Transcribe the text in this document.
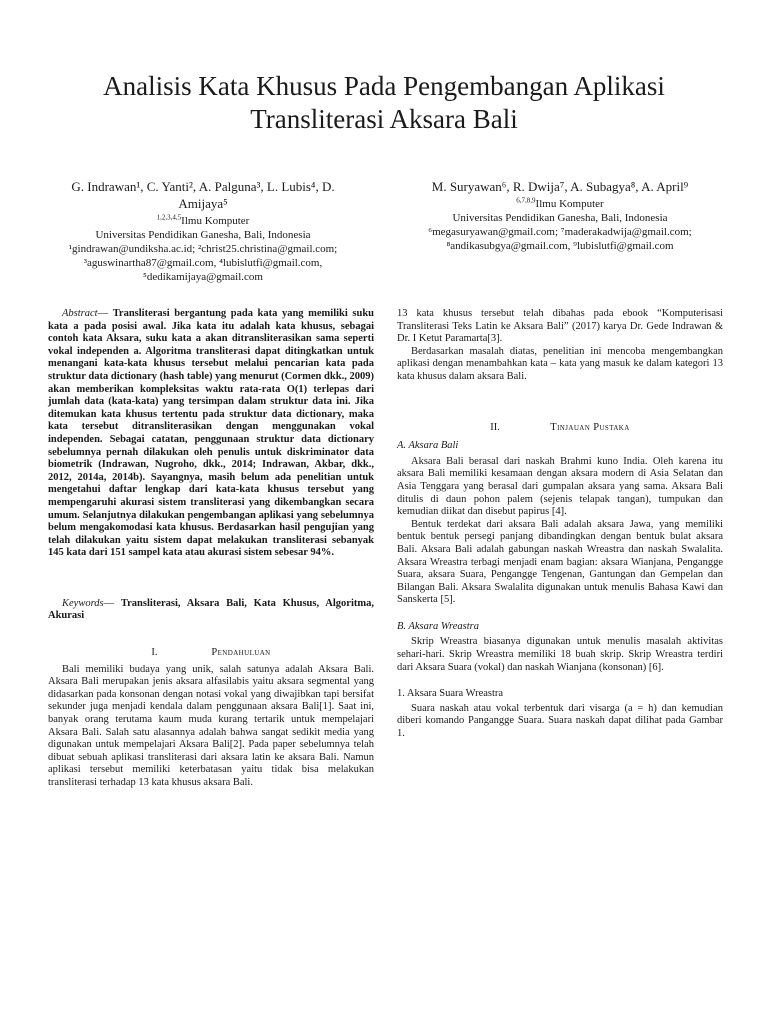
Analisis Kata Khusus Pada Pengembangan Aplikasi
Transliterasi Aksara Bali
G. Indrawan¹, C. Yanti², A. Palguna³, L. Lubis⁴, D. Amijaya⁵
$^{1,2,3,4,5}$Ilmu Komputer
Universitas Pendidikan Ganesha, Bali, Indonesia
¹gindrawan@undiksha.ac.id; ²christ25.christina@gmail.com;
³aguswinartha87@gmail.com, ⁴lubislutfi@gmail.com,
⁵dedikamijaya@gmail.com
M. Suryawan⁶, R. Dwija⁷, A. Subagya⁸, A. April⁹
$^{6,7,8,9}$Ilmu Komputer
Universitas Pendidikan Ganesha, Bali, Indonesia
⁶megasuryawan@gmail.com; ⁷maderakadwija@gmail.com;
⁸andikasubgya@gmail.com, ⁹lubislutfi@gmail.com

Abstract— Transliterasi bergantung pada kata yang memiliki suku kata a pada posisi awal. Jika kata itu adalah kata khusus, sebagai contoh kata Aksara, suku kata a akan ditransliterasikan sama seperti vokal independen a. Algoritma transliterasi dapat ditingkatkan untuk menangani kata-kata khusus tersebut melalui pencarian kata pada struktur data dictionary (hash table) yang menurut (Cormen dkk., 2009) akan memberikan kompleksitas waktu rata-rata O(1) terlepas dari jumlah data (kata-kata) yang tersimpan dalam struktur data ini. Jika ditemukan kata khusus tertentu pada struktur data dictionary, maka kata tersebut ditransliterasikan dengan menggunakan vokal independen. Sebagai catatan, penggunaan struktur data dictionary sebelumnya pernah dilakukan oleh penulis untuk diskriminator data biometrik (Indrawan, Nugroho, dkk., 2014; Indrawan, Akbar, dkk., 2012, 2014a, 2014b). Sayangnya, masih belum ada penelitian untuk mengetahui daftar lengkap dari kata-kata khusus tersebut yang mempengaruhi akurasi sistem transliterasi yang dikembangkan secara umum. Selanjutnya dilakukan pengembangan aplikasi yang sebelumnya belum mengakomodasi kata khusus. Berdasarkan hasil pengujian yang telah dilakukan yaitu sistem dapat melakukan transliterasi sebanyak 145 kata dari 151 sampel kata atau akurasi sistem sebesar 94%.

Keywords— Transliterasi, Aksara Bali, Kata Khusus, Algoritma, Akurasi

I.	Pendahuluan

Bali memiliki budaya yang unik, salah satunya adalah Aksara Bali. Aksara Bali merupakan jenis aksara alfasilabis yaitu aksara segmental yang didasarkan pada konsonan dengan notasi vokal yang diwajibkan tapi bersifat sekunder juga menjadi kendala dalam penggunaan aksara Bali[1]. Saat ini, banyak orang terutama kaum muda kurang tertarik untuk mempelajari Aksara Bali. Salah satu alasannya adalah bahwa sangat sedikit media yang digunakan untuk mempelajari Aksara Bali[2]. Pada paper sebelumnya telah dibuat sebuah aplikasi transliterasi dari aksara latin ke aksara Bali. Namun aplikasi tersebut memiliki keterbatasan yaitu tidak bisa melakukan transliterasi terhadap 13 kata khusus aksara Bali.

13 kata khusus tersebut telah dibahas pada ebook “Komputerisasi Transliterasi Teks Latin ke Aksara Bali” (2017) karya Dr. Gede Indrawan & Dr. I Ketut Paramarta[3].

Berdasarkan masalah diatas, penelitian ini mencoba mengembangkan aplikasi dengan menambahkan kata – kata yang masuk ke dalam kategori 13 kata khusus dalam aksara Bali.

II.	Tinjauan Pustaka

A. Aksara Bali

Aksara Bali berasal dari naskah Brahmi kuno India. Oleh karena itu aksara Bali memiliki kesamaan dengan aksara modern di Asia Selatan dan Asia Tenggara yang berasal dari gumpalan aksara yang sama. Aksara Bali ditulis di daun pohon palem (sejenis telapak tangan), tumpukan dan kemudian diikat dan disebut papirus [4].

Bentuk terdekat dari aksara Bali adalah aksara Jawa, yang memiliki bentuk bentuk persegi panjang dibandingkan dengan bentuk bulat aksara Bali. Aksara Bali adalah gabungan naskah Wreastra dan naskah Swalalita. Aksara Wreastra terbagi menjadi enam bagian: aksara Wianjana, Pengangge Suara, aksara Suara, Pengangge Tengenan, Gantungan dan Gempelan dan Bilangan Bali. Aksara Swalalita digunakan untuk menulis Bahasa Kawi dan Sanskerta [5].

B. Aksara Wreastra

Skrip Wreastra biasanya digunakan untuk menulis masalah aktivitas sehari-hari. Skrip Wreastra memiliki 18 buah skrip. Skrip Wreastra terdiri dari Aksara Suara (vokal) dan naskah Wianjana (konsonan) [6].

1. Aksara Suara Wreastra

Suara naskah atau vokal terbentuk dari visarga (a = h) dan kemudian diberi komando Pangangge Suara. Suara naskah dapat dilihat pada Gambar 1.
